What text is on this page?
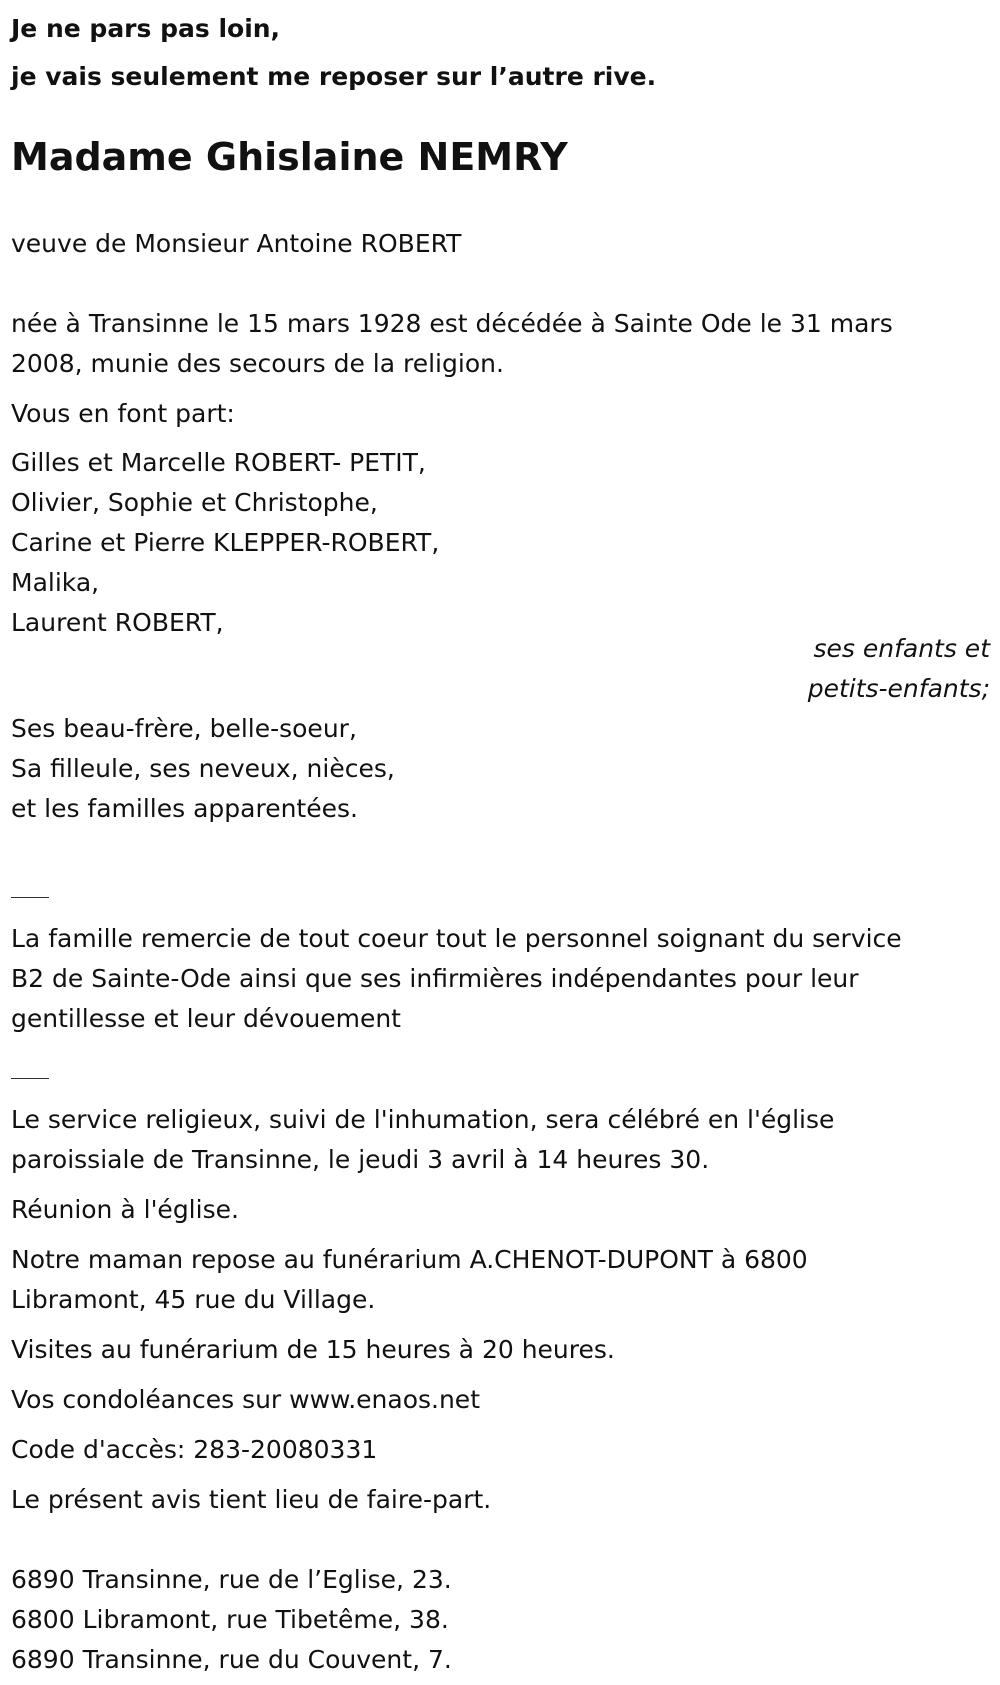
Je ne pars pas loin,
je vais seulement me reposer sur l’autre rive.
Madame Ghislaine NEMRY
veuve de Monsieur Antoine ROBERT
née à Transinne le 15 mars 1928 est décédée à Sainte Ode le 31 mars
2008, munie des secours de la religion.
Vous en font part:
Gilles et Marcelle ROBERT- PETIT,
Olivier, Sophie et Christophe,
Carine et Pierre KLEPPER-ROBERT,
Malika,
Laurent ROBERT,
ses enfants et
petits-enfants;
Ses beau-frère, belle-soeur,
Sa filleule, ses neveux, nièces,
et les familles apparentées.
La famille remercie de tout coeur tout le personnel soignant du service
B2 de Sainte-Ode ainsi que ses infirmières indépendantes pour leur
gentillesse et leur dévouement
Le service religieux, suivi de l'inhumation, sera célébré en l'église
paroissiale de Transinne, le jeudi 3 avril à 14 heures 30.
Réunion à l'église.
Notre maman repose au funérarium A.CHENOT-DUPONT à 6800
Libramont, 45 rue du Village.
Visites au funérarium de 15 heures à 20 heures.
Vos condoléances sur www.enaos.net
Code d'accès: 283-20080331
Le présent avis tient lieu de faire-part.
6890 Transinne, rue de l’Eglise, 23.
6800 Libramont, rue Tibetême, 38.
6890 Transinne, rue du Couvent, 7.
